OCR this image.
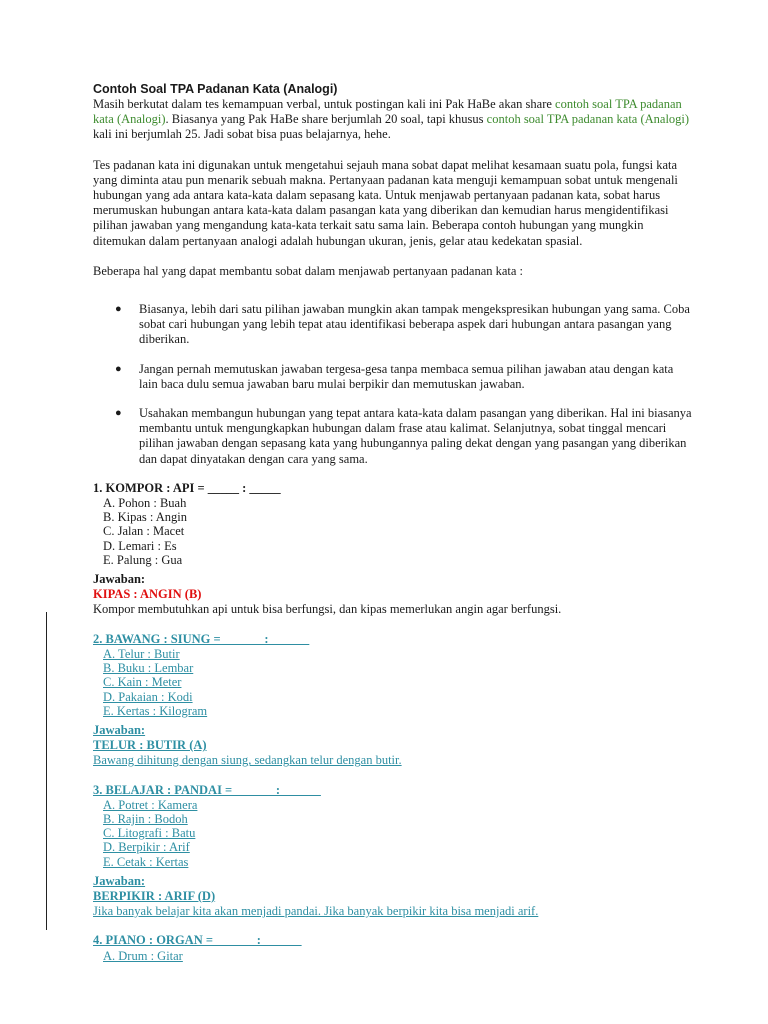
Contoh Soal TPA Padanan Kata (Analogi)

Masih berkutat dalam tes kemampuan verbal, untuk postingan kali ini Pak HaBe akan share contoh soal TPA padanan kata (Analogi). Biasanya yang Pak HaBe share berjumlah 20 soal, tapi khusus contoh soal TPA padanan kata (Analogi) kali ini berjumlah 25. Jadi sobat bisa puas belajarnya, hehe.

Tes padanan kata ini digunakan untuk mengetahui sejauh mana sobat dapat melihat kesamaan suatu pola, fungsi kata yang diminta atau pun menarik sebuah makna. Pertanyaan padanan kata menguji kemampuan sobat untuk mengenali hubungan yang ada antara kata-kata dalam sepasang kata. Untuk menjawab pertanyaan padanan kata, sobat harus merumuskan hubungan antara kata-kata dalam pasangan kata yang diberikan dan kemudian harus mengidentifikasi pilihan jawaban yang mengandung kata-kata terkait satu sama lain. Beberapa contoh hubungan yang mungkin ditemukan dalam pertanyaan analogi adalah hubungan ukuran, jenis, gelar atau kedekatan spasial.

Beberapa hal yang dapat membantu sobat dalam menjawab pertanyaan padanan kata :

● Biasanya, lebih dari satu pilihan jawaban mungkin akan tampak mengekspresikan hubungan yang sama. Coba sobat cari hubungan yang lebih tepat atau identifikasi beberapa aspek dari hubungan antara pasangan yang diberikan.
● Jangan pernah memutuskan jawaban tergesa-gesa tanpa membaca semua pilihan jawaban atau dengan kata lain baca dulu semua jawaban baru mulai berpikir dan memutuskan jawaban.
● Usahakan membangun hubungan yang tepat antara kata-kata dalam pasangan yang diberikan. Hal ini biasanya membantu untuk mengungkapkan hubungan dalam frase atau kalimat. Selanjutnya, sobat tinggal mencari pilihan jawaban dengan sepasang kata yang hubungannya paling dekat dengan yang pasangan yang diberikan dan dapat dinyatakan dengan cara yang sama.
1. KOMPOR : API = _____ : _____
A. Pohon : Buah
B. Kipas : Angin
C. Jalan : Macet
D. Lemari : Es
E. Palung : Gua
Jawaban:
KIPAS : ANGIN (B)
Kompor membutuhkan api untuk bisa berfungsi, dan kipas memerlukan angin agar berfungsi.
2. BAWANG : SIUNG = ______ : ______
A. Telur : Butir
B. Buku : Lembar
C. Kain : Meter
D. Pakaian : Kodi
E. Kertas : Kilogram
Jawaban:
TELUR : BUTIR (A)
Bawang dihitung dengan siung, sedangkan telur dengan butir.
3. BELAJAR : PANDAI = ______ : ______
A. Potret : Kamera
B. Rajin : Bodoh
C. Litografi : Batu
D. Berpikir : Arif
E. Cetak : Kertas
Jawaban:
BERPIKIR : ARIF (D)
Jika banyak belajar kita akan menjadi pandai. Jika banyak berpikir kita bisa menjadi arif.
4. PIANO : ORGAN = ______ : ______
A. Drum : Gitar
